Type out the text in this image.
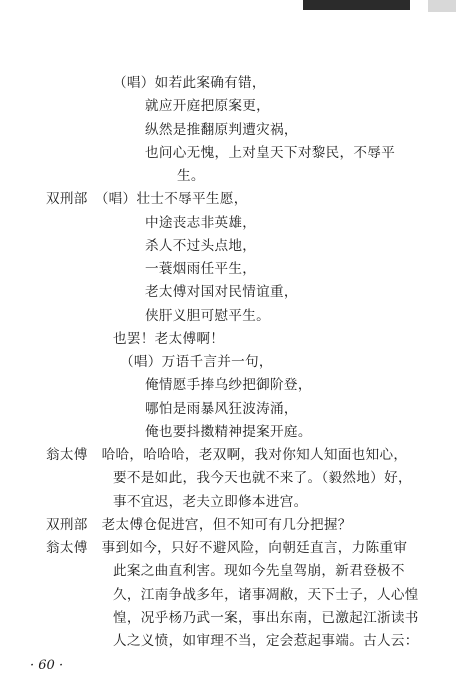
（唱）如若此案确有错，
就应开庭把原案更，
纵然是推翻原判遭灾祸，
也问心无愧，上对皇天下对黎民，不辱平
生。
双刑部　（唱）壮士不辱平生愿，
中途丧志非英雄，
杀人不过头点地，
一蓑烟雨任平生，
老太傅对国对民情谊重，
侠肝义胆可慰平生。
也罢！老太傅啊！
（唱）万语千言并一句，
俺情愿手捧乌纱把御阶登，
哪怕是雨暴风狂波涛涌，
俺也要抖擞精神提案开庭。
翁太傅　哈哈，哈哈哈，老双啊，我对你知人知面也知心，
要不是如此，我今天也就不来了。（毅然地）好，
事不宜迟，老夫立即修本进宫。
双刑部　老太傅仓促进宫，但不知可有几分把握？
翁太傅　事到如今，只好不避风险，向朝廷直言，力陈重审
此案之曲直利害。现如今先皇驾崩，新君登极不
久，江南争战多年，诸事凋敝，天下士子，人心惶
惶，况乎杨乃武一案，事出东南，已激起江浙读书
人之义愤，如审理不当，定会惹起事端。古人云：
· 60 ·
